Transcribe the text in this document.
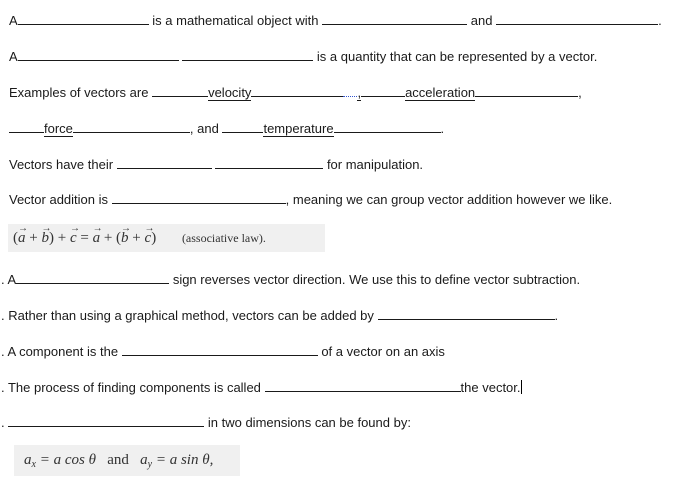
A	is a mathematical object with	and	.
A	is a quantity that can be represented by a vector.
Examples of vectors are	velocity	,	acceleration	,
force	, and	temperature	.
Vectors have their	for manipulation.
Vector addition is	, meaning we can group vector addition however we like.
(→ a + → b) + → c = → a + (→ b + → c) (associative law).
. A	sign reverses vector direction. We use this to define vector subtraction.
. Rather than using a graphical method, vectors can be added by	.
. A component is the	of a vector on an axis
. The process of finding components is called	the vector.
.	in two dimensions can be found by:
$a_x = a$ cos θ and $a_y = a$ sin θ,
